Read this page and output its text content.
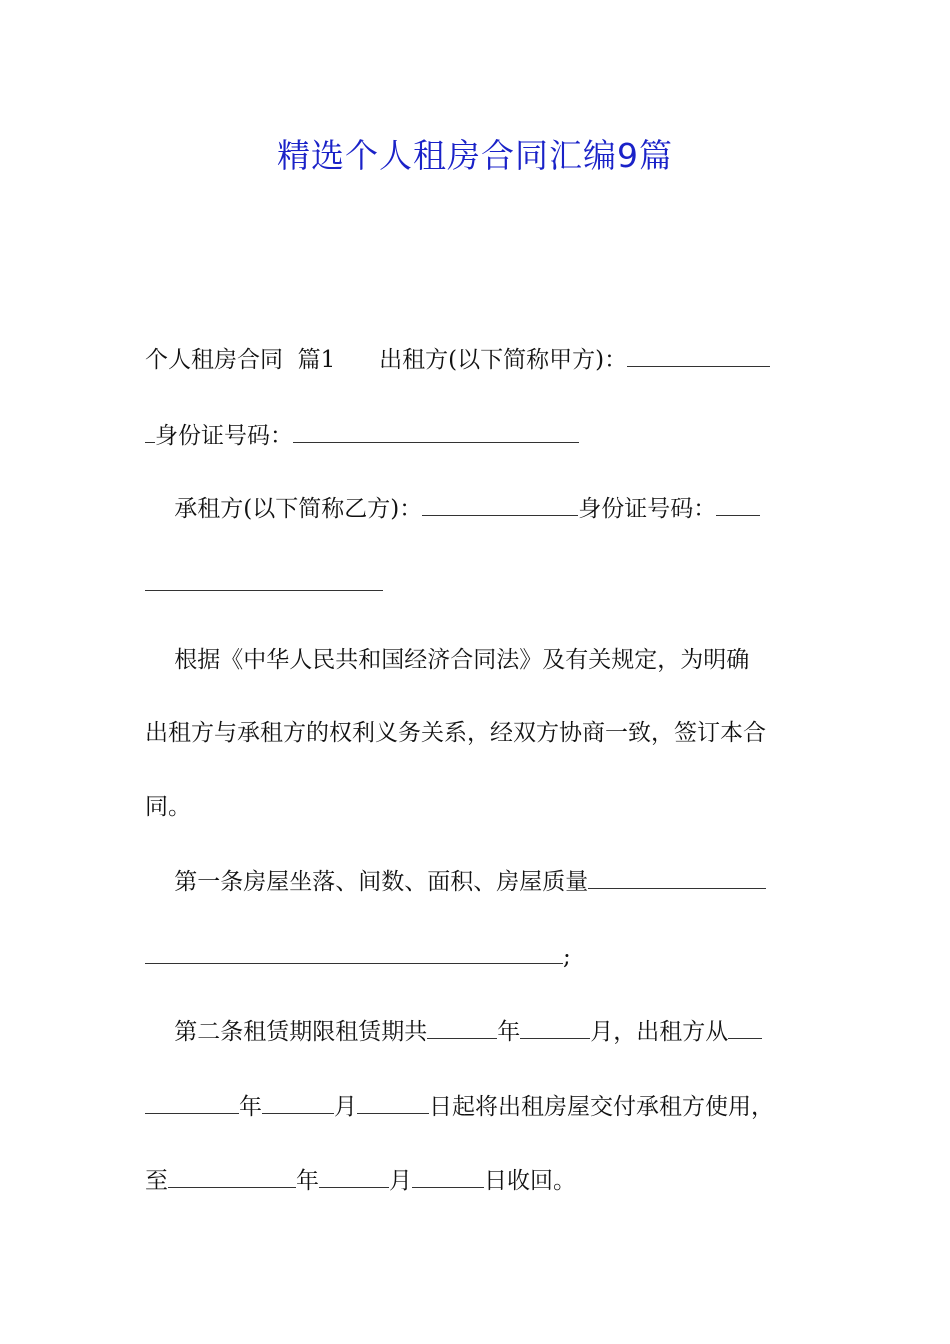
精选个人租房合同汇编9篇
个人租房合同  篇1      出租方(以下简称甲方)：
身份证号码：
承租方(以下简称乙方)：	身份证号码：
根据《中华人民共和国经济合同法》及有关规定，为明确
出租方与承租方的权利义务关系，经双方协商一致，签订本合
同。
第一条房屋坐落、间数、面积、房屋质量
;
第二条租赁期限租赁期共	年	月，出租方从
年	月	日起将出租房屋交付承租方使用，
至	年	月	日收回。
